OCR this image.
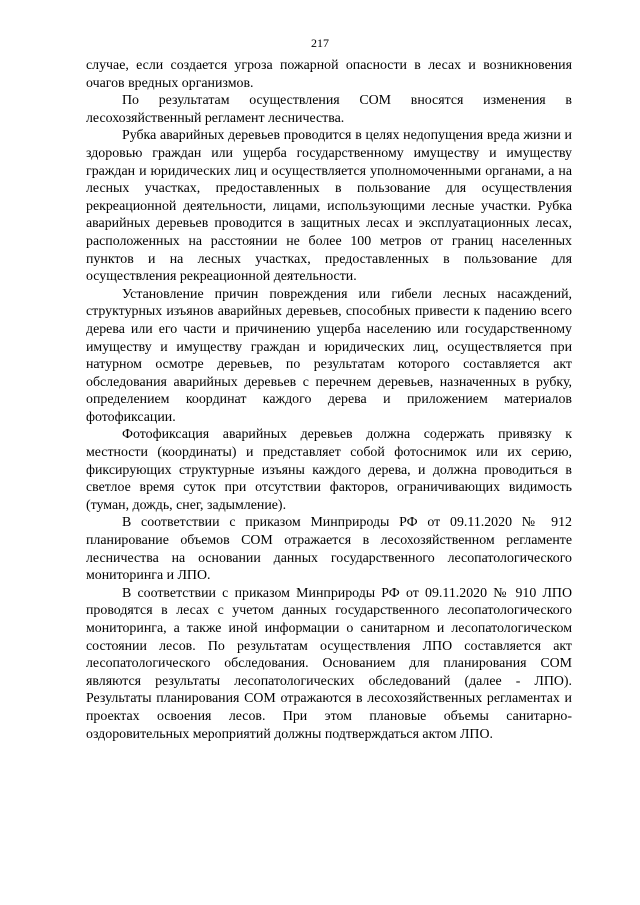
217

случае, если создается угроза пожарной опасности в лесах и возникновения очагов вредных организмов.

По результатам осуществления СОМ вносятся изменения в лесохозяйственный регламент лесничества.

Рубка аварийных деревьев проводится в целях недопущения вреда жизни и здоровью граждан или ущерба государственному имуществу и имуществу граждан и юридических лиц и осуществляется уполномоченными органами, а на лесных участках, предоставленных в пользование для осуществления рекреационной деятельности, лицами, использующими лесные участки. Рубка аварийных деревьев проводится в защитных лесах и эксплуатационных лесах, расположенных на расстоянии не более 100 метров от границ населенных пунктов и на лесных участках, предоставленных в пользование для осуществления рекреационной деятельности.

Установление причин повреждения или гибели лесных насаждений, структурных изъянов аварийных деревьев, способных привести к падению всего дерева или его части и причинению ущерба населению или государственному имуществу и имуществу граждан и юридических лиц, осуществляется при натурном осмотре деревьев, по результатам которого составляется акт обследования аварийных деревьев с перечнем деревьев, назначенных в рубку, определением координат каждого дерева и приложением материалов фотофиксации.

Фотофиксация аварийных деревьев должна содержать привязку к местности (координаты) и представляет собой фотоснимок или их серию, фиксирующих структурные изъяны каждого дерева, и должна проводиться в светлое время суток при отсутствии факторов, ограничивающих видимость (туман, дождь, снег, задымление).

В соответствии с приказом Минприроды РФ от 09.11.2020 № 912 планирование объемов СОМ отражается в лесохозяйственном регламенте лесничества на основании данных государственного лесопатологического мониторинга и ЛПО.

В соответствии с приказом Минприроды РФ от 09.11.2020 № 910 ЛПО проводятся в лесах с учетом данных государственного лесопатологического мониторинга, а также иной информации о санитарном и лесопатологическом состоянии лесов. По результатам осуществления ЛПО составляется акт лесопатологического обследования. Основанием для планирования СОМ являются результаты лесопатологических обследований (далее - ЛПО). Результаты планирования СОМ отражаются в лесохозяйственных регламентах и проектах освоения лесов. При этом плановые объемы санитарно-оздоровительных мероприятий должны подтверждаться актом ЛПО.
